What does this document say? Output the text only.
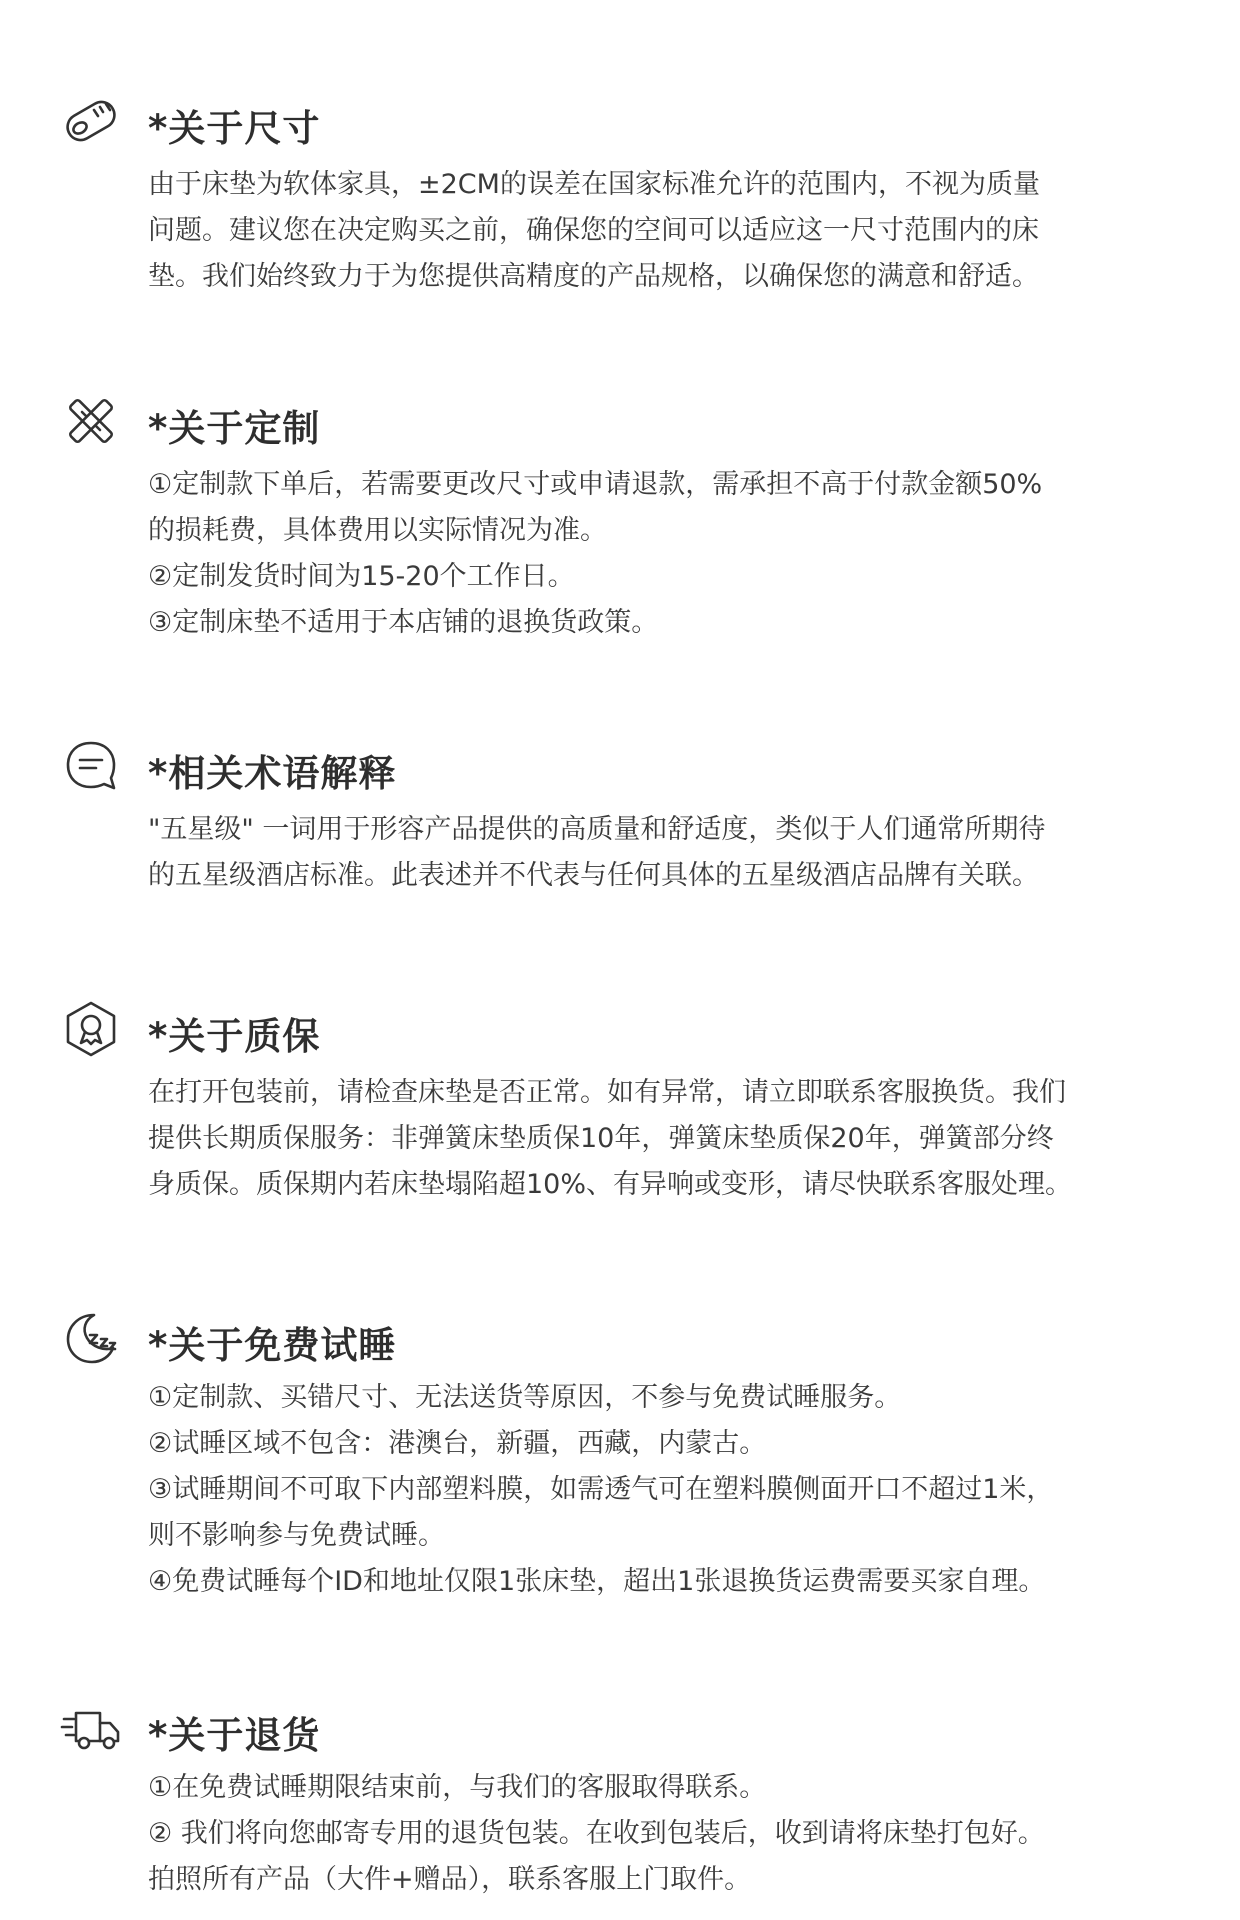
*关于尺寸

由于床垫为软体家具，±2CM的误差在国家标准允许的范围内，不视为质量

问题。建议您在决定购买之前，确保您的空间可以适应这一尺寸范围内的床

垫。我们始终致力于为您提供高精度的产品规格，以确保您的满意和舒适。

*关于定制

①定制款下单后，若需要更改尺寸或申请退款，需承担不高于付款金额50%

的损耗费，具体费用以实际情况为准。

②定制发货时间为15-20个工作日。

③定制床垫不适用于本店铺的退换货政策。

*相关术语解释

"五星级" 一词用于形容产品提供的高质量和舒适度，类似于人们通常所期待

的五星级酒店标准。此表述并不代表与任何具体的五星级酒店品牌有关联。

*关于质保

在打开包装前，请检查床垫是否正常。如有异常，请立即联系客服换货。我们

提供长期质保服务：非弹簧床垫质保10年，弹簧床垫质保20年，弹簧部分终

身质保。质保期内若床垫塌陷超10%、有异响或变形，请尽快联系客服处理。

*关于免费试睡

①定制款、买错尺寸、无法送货等原因，不参与免费试睡服务。

②试睡区域不包含：港澳台，新疆，西藏，内蒙古。

③试睡期间不可取下内部塑料膜，如需透气可在塑料膜侧面开口不超过1米，

则不影响参与免费试睡。

④免费试睡每个ID和地址仅限1张床垫，超出1张退换货运费需要买家自理。

*关于退货

①在免费试睡期限结束前，与我们的客服取得联系。

② 我们将向您邮寄专用的退货包装。在收到包装后，收到请将床垫打包好。

拍照所有产品（大件+赠品），联系客服上门取件。
